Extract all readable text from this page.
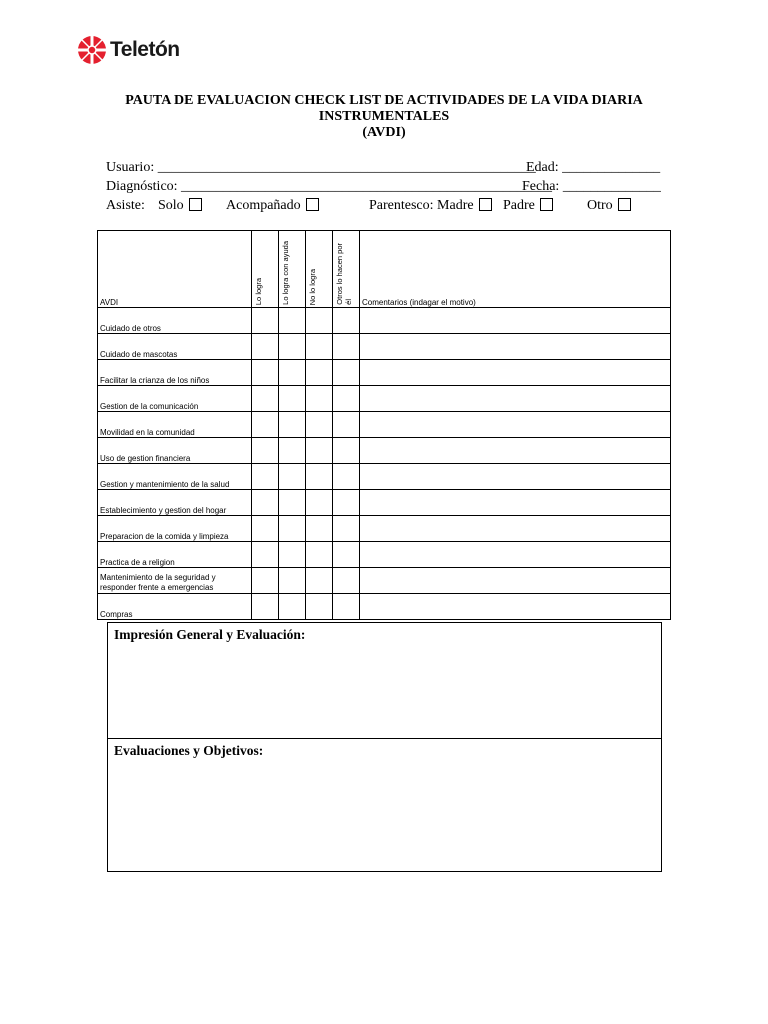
Teletón
PAUTA DE EVALUACION CHECK LIST DE ACTIVIDADES DE LA VIDA DIARIA
INSTRUMENTALES
(AVDI)
Usuario: ______________________________________________________
Edad: ______________
Diagnóstico: _____________________________________________________
Fecha: ______________
Asiste: Solo	Acompañado	Parentesco: Madre	Padre	Otro
AVDI	Lo logra	Lo logra con ayuda	No lo logra	Otros lo hacen porél	Comentarios (indagar el motivo)
Cuidado de otros					
Cuidado de mascotas					
Facilitar la crianza de los niños					
Gestion de la comunicación					
Movilidad en la comunidad					
Uso de gestion financiera					
Gestion y mantenimiento de la salud					
Establecimiento y gestion del hogar					
Preparacion de la comida y limpieza					
Practica de a religion					
Mantenimiento de la seguridad y responder frente a emergencias					
Compras					
Impresión General y Evaluación:
Evaluaciones y Objetivos:
